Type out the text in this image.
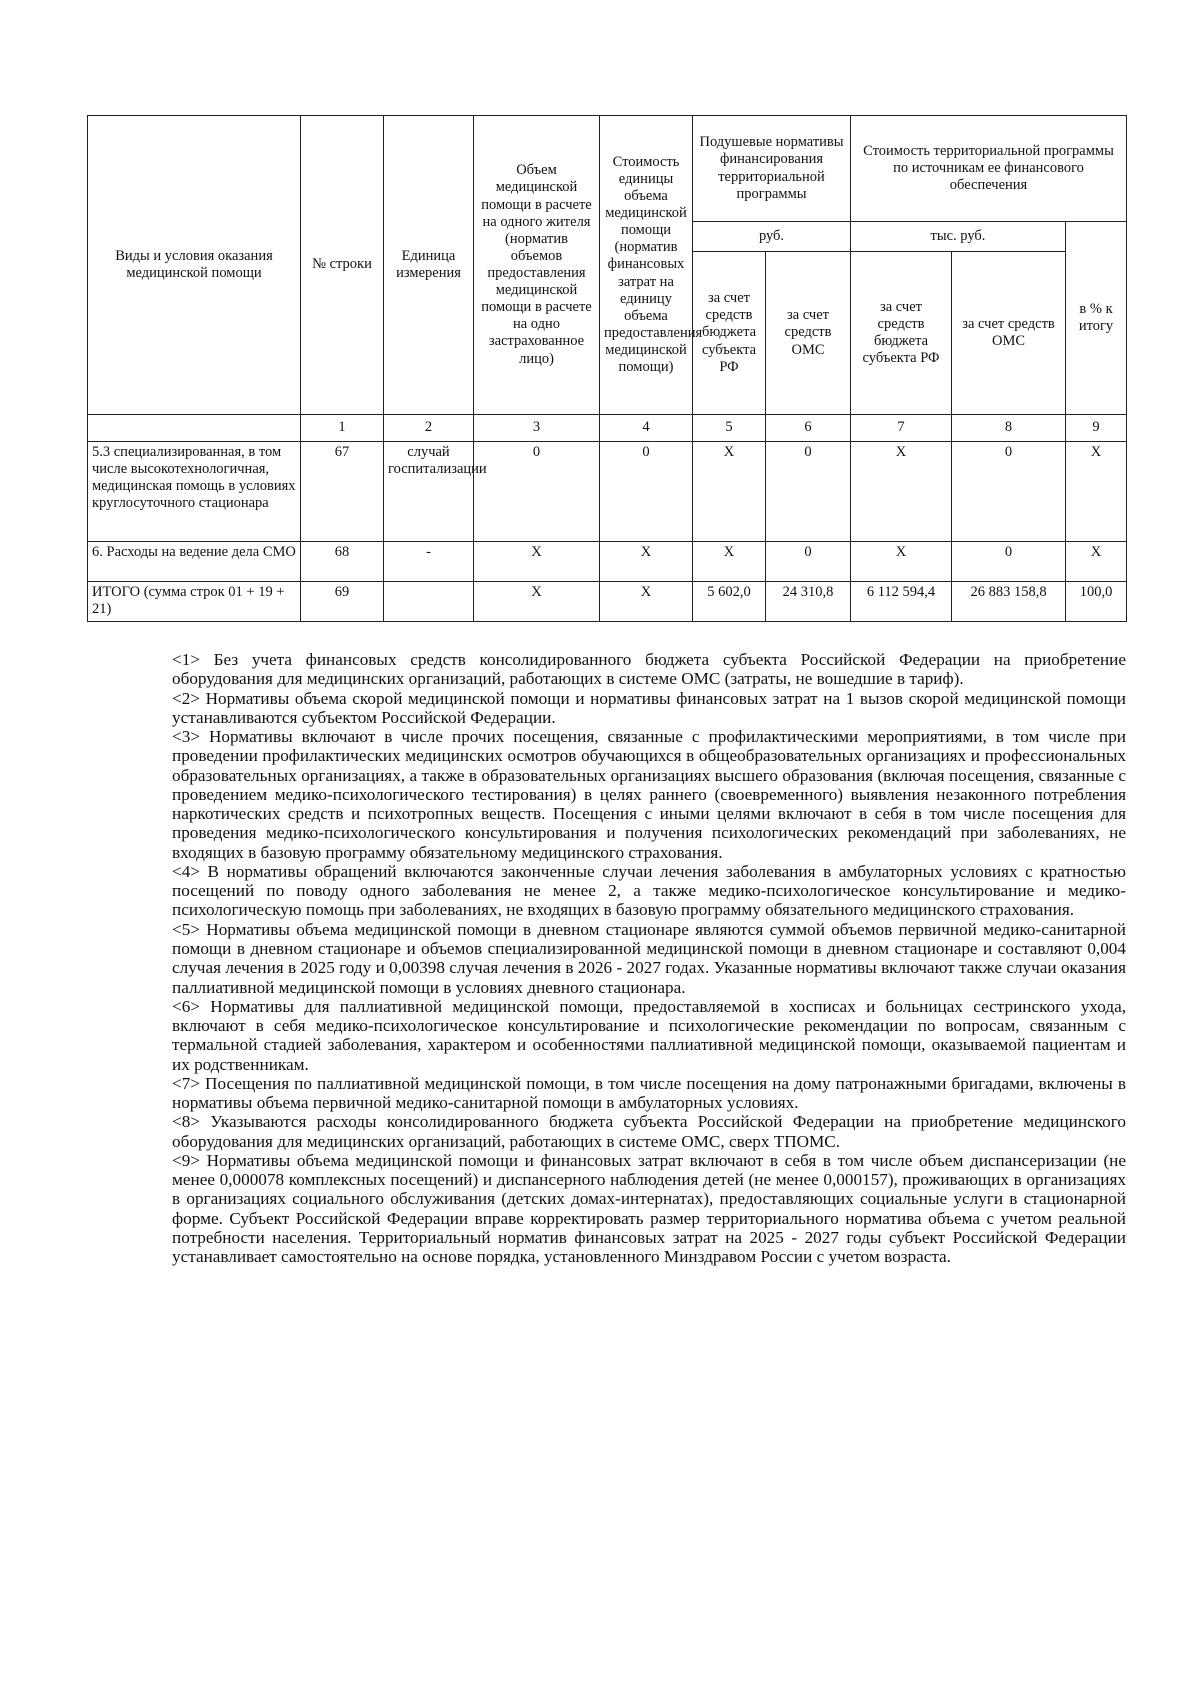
Виды и условия оказания медицинской помощи	№ строки	Единица измерения	Объем медицинской помощи в расчете на одного жителя (норматив объемов предоставления медицинской помощи в расчете на одно застрахованное лицо)	Стоимость единицы объема медицинской помощи (норматив финансовых затрат на единицу объема предоставления медицинской помощи)	Подушевые нормативы финансирования территориальной программы		Стоимость территориальной программы по источникам ее финансового обеспечения		
					руб.		тыс. руб.		в % к итогу
					за счет средств бюджета субъекта РФ	за счет средств ОМС	за счет средств бюджета субъекта РФ	за счет средств ОМС	
	1	2	3	4	5	6	7	8	9
5.3 специализированная, в том числе высокотехнологичная, медицинская помощь в условиях круглосуточного стационара	67	случай госпитализации	0	0	Х	0	Х	0	Х
6. Расходы на ведение дела СМО	68	-	Х	Х	Х	0	Х	0	Х
ИТОГО (сумма строк 01 + 19 + 21)	69		Х	Х	5 602,0	24 310,8	6 112 594,4	26 883 158,8	100,0

<1> Без учета финансовых средств консолидированного бюджета субъекта Российской Федерации на приобретение оборудования для медицинских организаций, работающих в системе ОМС (затраты, не вошедшие в тариф).

<2> Нормативы объема скорой медицинской помощи и нормативы финансовых затрат на 1 вызов скорой медицинской помощи устанавливаются субъектом Российской Федерации.

<3> Нормативы включают в числе прочих посещения, связанные с профилактическими мероприятиями, в том числе при проведении профилактических медицинских осмотров обучающихся в общеобразовательных организациях и профессиональных образовательных организациях, а также в образовательных организациях высшего образования (включая посещения, связанные с проведением медико-психологического тестирования) в целях раннего (своевременного) выявления незаконного потребления наркотических средств и психотропных веществ. Посещения с иными целями включают в себя в том числе посещения для проведения медико-психологического консультирования и получения психологических рекомендаций при заболеваниях, не входящих в базовую программу обязательному медицинского страхования.

<4> В нормативы обращений включаются законченные случаи лечения заболевания в амбулаторных условиях с кратностью посещений по поводу одного заболевания не менее 2, а также медико-психологическое консультирование и медико-психологическую помощь при заболеваниях, не входящих в базовую программу обязательного медицинского страхования.

<5> Нормативы объема медицинской помощи в дневном стационаре являются суммой объемов первичной медико-санитарной помощи в дневном стационаре и объемов специализированной медицинской помощи в дневном стационаре и составляют 0,004 случая лечения в 2025 году и 0,00398 случая лечения в 2026 - 2027 годах. Указанные нормативы включают также случаи оказания паллиативной медицинской помощи в условиях дневного стационара.

<6> Нормативы для паллиативной медицинской помощи, предоставляемой в хосписах и больницах сестринского ухода, включают в себя медико-психологическое консультирование и психологические рекомендации по вопросам, связанным с термальной стадией заболевания, характером и особенностями паллиативной медицинской помощи, оказываемой пациентам и их родственникам.

<7> Посещения по паллиативной медицинской помощи, в том числе посещения на дому патронажными бригадами, включены в нормативы объема первичной медико-санитарной помощи в амбулаторных условиях.

<8> Указываются расходы консолидированного бюджета субъекта Российской Федерации на приобретение медицинского оборудования для медицинских организаций, работающих в системе ОМС, сверх ТПОМС.

<9> Нормативы объема медицинской помощи и финансовых затрат включают в себя в том числе объем диспансеризации (не менее 0,000078 комплексных посещений) и диспансерного наблюдения детей (не менее 0,000157), проживающих в организациях в организациях социального обслуживания (детских домах-интернатах), предоставляющих социальные услуги в стационарной форме. Субъект Российской Федерации вправе корректировать размер территориального норматива объема с учетом реальной потребности населения. Территориальный норматив финансовых затрат на 2025 - 2027 годы субъект Российской Федерации устанавливает самостоятельно на основе порядка, установленного Минздравом России с учетом возраста.
